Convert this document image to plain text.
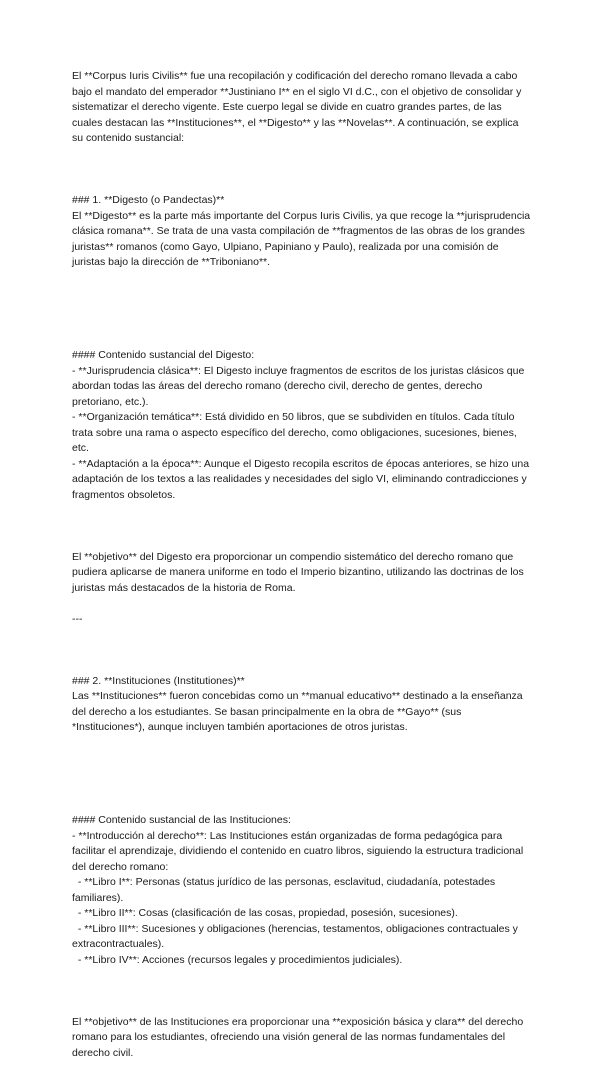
El **Corpus Iuris Civilis** fue una recopilación y codificación del derecho romano llevada a cabo bajo el mandato del emperador **Justiniano I** en el siglo VI d.C., con el objetivo de consolidar y sistematizar el derecho vigente. Este cuerpo legal se divide en cuatro grandes partes, de las cuales destacan las **Instituciones**, el **Digesto** y las **Novelas**. A continuación, se explica su contenido sustancial:

### 1. **Digesto (o Pandectas)**
El **Digesto** es la parte más importante del Corpus Iuris Civilis, ya que recoge la **jurisprudencia clásica romana**. Se trata de una vasta compilación de **fragmentos de las obras de los grandes juristas** romanos (como Gayo, Ulpiano, Papiniano y Paulo), realizada por una comisión de juristas bajo la dirección de **Triboniano**.

#### Contenido sustancial del Digesto:
- **Jurisprudencia clásica**: El Digesto incluye fragmentos de escritos de los juristas clásicos que abordan todas las áreas del derecho romano (derecho civil, derecho de gentes, derecho pretoriano, etc.).
- **Organización temática**: Está dividido en 50 libros, que se subdividen en títulos. Cada título trata sobre una rama o aspecto específico del derecho, como obligaciones, sucesiones, bienes, etc.
- **Adaptación a la época**: Aunque el Digesto recopila escritos de épocas anteriores, se hizo una adaptación de los textos a las realidades y necesidades del siglo VI, eliminando contradicciones y fragmentos obsoletos.

El **objetivo** del Digesto era proporcionar un compendio sistemático del derecho romano que pudiera aplicarse de manera uniforme en todo el Imperio bizantino, utilizando las doctrinas de los juristas más destacados de la historia de Roma.
---

### 2. **Instituciones (Institutiones)**
Las **Instituciones** fueron concebidas como un **manual educativo** destinado a la enseñanza del derecho a los estudiantes. Se basan principalmente en la obra de **Gayo** (sus *Instituciones*), aunque incluyen también aportaciones de otros juristas.

#### Contenido sustancial de las Instituciones:
- **Introducción al derecho**: Las Instituciones están organizadas de forma pedagógica para facilitar el aprendizaje, dividiendo el contenido en cuatro libros, siguiendo la estructura tradicional del derecho romano:
- **Libro I**: Personas (status jurídico de las personas, esclavitud, ciudadanía, potestades familiares).
- **Libro II**: Cosas (clasificación de las cosas, propiedad, posesión, sucesiones).
- **Libro III**: Sucesiones y obligaciones (herencias, testamentos, obligaciones contractuales y extracontractuales).
- **Libro IV**: Acciones (recursos legales y procedimientos judiciales).

El **objetivo** de las Instituciones era proporcionar una **exposición básica y clara** del derecho romano para los estudiantes, ofreciendo una visión general de las normas fundamentales del derecho civil.
